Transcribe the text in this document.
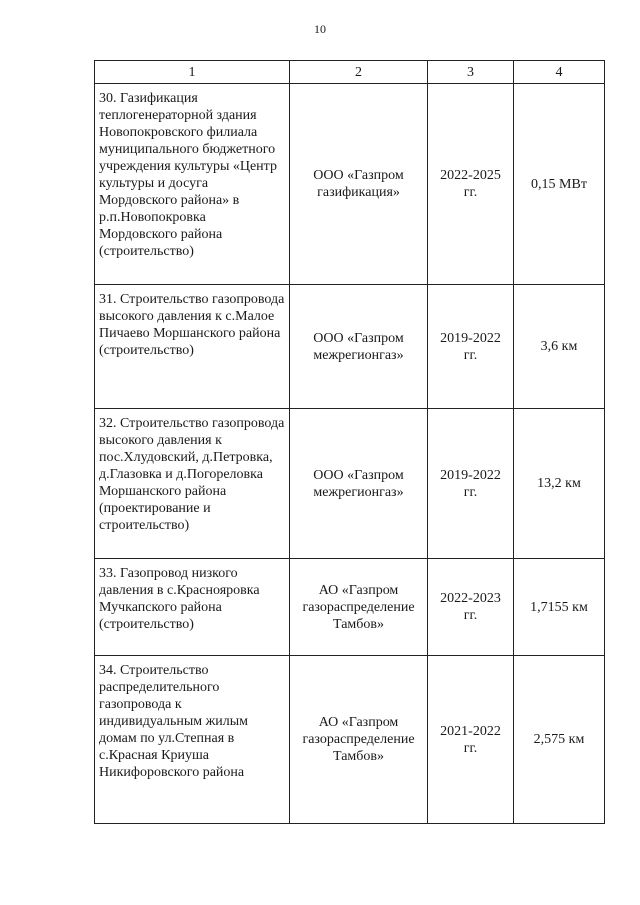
10
1	2	3	4
30. Газификация теплогенераторной здания Новопокровского филиала муниципального бюджетного учреждения культуры «Центр культуры и досуга Мордовского района» в р.п.Новопокровка Мордовского района (строительство)	ООО «Газпром газификация»	2022-2025 гг.	0,15 МВт
31. Строительство газопровода высокого давления к с.Малое Пичаево Моршанского района (строительство)	ООО «Газпром межрегионгаз»	2019-2022 гг.	3,6 км
32. Строительство газопровода высокого давления к пос.Хлудовский, д.Петровка, д.Глазовка и д.Погореловка Моршанского района (проектирование и строительство)	ООО «Газпром межрегионгаз»	2019-2022 гг.	13,2 км
33. Газопровод низкого давления в с.Краснояровка Мучкапского района (строительство)	АО «Газпром газораспределение Тамбов»	2022-2023 гг.	1,7155 км
34. Строительство распределительного газопровода к индивидуальным жилым домам по ул.Степная в с.Красная Криуша Никифоровского района	АО «Газпром газораспределение Тамбов»	2021-2022 гг.	2,575 км
